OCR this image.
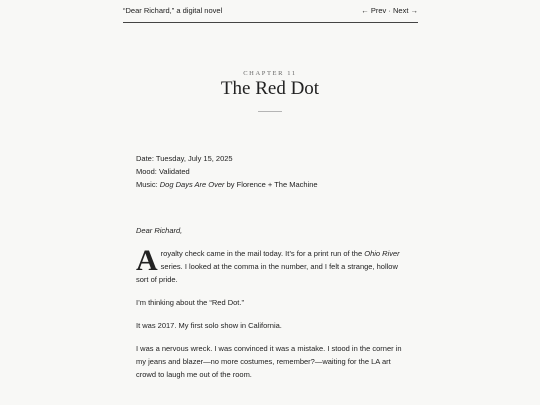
“Dear Richard,” a digital novel	← Prev · Next →
CHAPTER 11
The Red Dot

Date: Tuesday, July 15, 2025

Mood: Validated

Music: Dog Days Are Over by Florence + The Machine

Dear Richard,

Aroyalty check came in the mail today. It’s for a print run of the Ohio River series. I looked at the comma in the number, and I felt a strange, hollow sort of pride.

I’m thinking about the “Red Dot.”

It was 2017. My first solo show in California.

I was a nervous wreck. I was convinced it was a mistake. I stood in the corner in my jeans and blazer—no more costumes, remember?—waiting for the LA art crowd to laugh me out of the room.
